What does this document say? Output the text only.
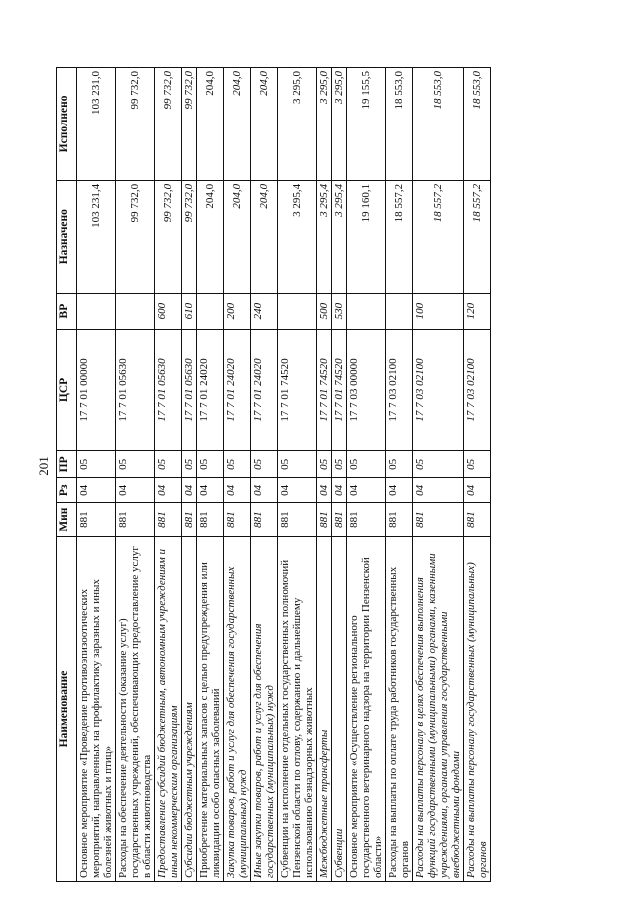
201
Наименование	Мин	Рз	ПР	ЦСР	ВР	Назначено	Исполнено
Основное мероприятие «Проведение противоэпизоотических мероприятий, направленных на профилактику заразных и иных болезней животных и птиц»	881	04	05	17 7 01 00000		103 231,4	103 231,0
Расходы на обеспечение деятельности (оказание услуг) государственных учреждений, обеспечивающих предоставление услуг в области животноводства	881	04	05	17 7 01 05630		99 732,0	99 732,0
Предоставление субсидий бюджетным, автономным учреждениям и иным некоммерческим организациям	881	04	05	17 7 01 05630	600	99 732,0	99 732,0
Субсидии бюджетным учреждениям	881	04	05	17 7 01 05630	610	99 732,0	99 732,0
Приобретение материальных запасов с целью предупреждения или ликвидации особо опасных заболеваний	881	04	05	17 7 01 24020		204,0	204,0
Закупка товаров, работ и услуг для обеспечения государственных (муниципальных) нужд	881	04	05	17 7 01 24020	200	204,0	204,0
Иные закупки товаров, работ и услуг для обеспечения государственных (муниципальных) нужд	881	04	05	17 7 01 24020	240	204,0	204,0
Субвенции на исполнение отдельных государственных полномочий Пензенской области по отлову, содержанию и дальнейшему использованию безнадзорных животных	881	04	05	17 7 01 74520		3 295,4	3 295,0
Межбюджетные трансферты	881	04	05	17 7 01 74520	500	3 295,4	3 295,0
Субвенции	881	04	05	17 7 01 74520	530	3 295,4	3 295,0
Основное мероприятие «Осуществление регионального государственного ветеринарного надзора на территории Пензенской области»	881	04	05	17 7 03 00000		19 160,1	19 155,5
Расходы на выплаты по оплате труда работников государственных органов	881	04	05	17 7 03 02100		18 557,2	18 553,0
Расходы на выплаты персоналу в целях обеспечения выполнения функций государственными (муниципальными) органами, казенными учреждениями, органами управления государственными внебюджетными фондами	881	04	05	17 7 03 02100	100	18 557,2	18 553,0
Расходы на выплаты персоналу государственных (муниципальных) органов	881	04	05	17 7 03 02100	120	18 557,2	18 553,0
